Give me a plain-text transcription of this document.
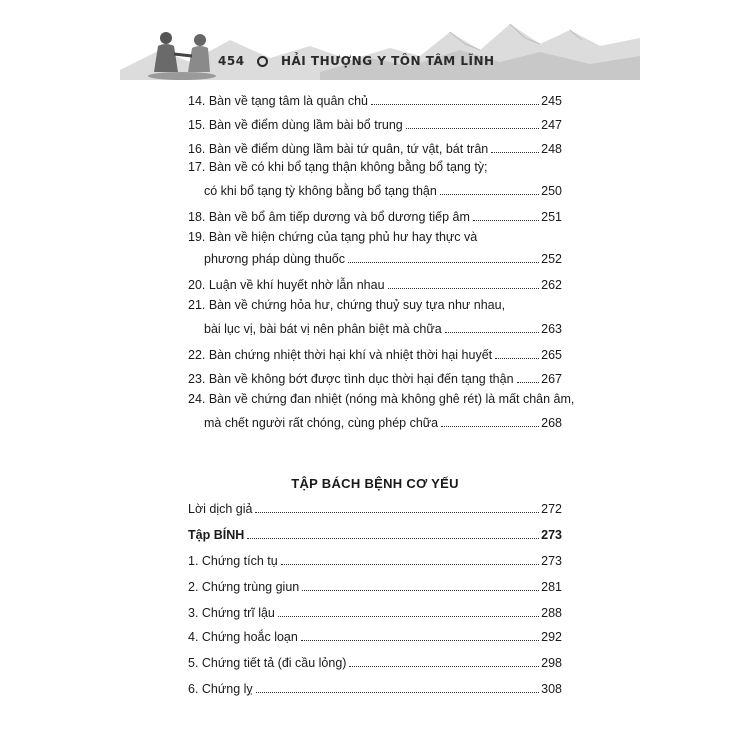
454	HẢI THƯỢNG Y TÔN TÂM LĨNH
14. Bàn về tạng tâm là quân chủ	245
15. Bàn về điểm dùng lầm bài bổ trung	247
16. Bàn về điểm dùng lầm bài tứ quân, tứ vật, bát trân	248
17. Bàn về có khi bổ tạng thận không bằng bổ tạng tỳ;
có khi bổ tạng tỳ không bằng bổ tạng thận	250
18. Bàn về bổ âm tiếp dương và bổ dương tiếp âm	251
19. Bàn về hiện chứng của tạng phủ hư hay thực và
phương pháp dùng thuốc	252
20. Luận về khí huyết nhờ lẫn nhau	262
21. Bàn về chứng hỏa hư, chứng thuỷ suy tựa như nhau,
bài lục vị, bài bát vị nên phân biệt mà chữa	263
22. Bàn chứng nhiệt thời hại khí và nhiệt thời hại huyết	265
23. Bàn về không bớt được tình dục thời hại đến tạng thận 267
24. Bàn về chứng đan nhiệt (nóng mà không ghê rét) là mất chân âm,
mà chết người rất chóng, cùng phép chữa	268
TẬP BÁCH BỆNH CƠ YẾU
Lời dịch giả	272
Tập BÍNH	273
1. Chứng tích tụ	273
2. Chứng trùng giun	281
3. Chứng trĩ lậu	288
4. Chứng hoắc loạn	292
5. Chứng tiết tả (đi cầu lỏng)	298
6. Chứng lỵ	308
